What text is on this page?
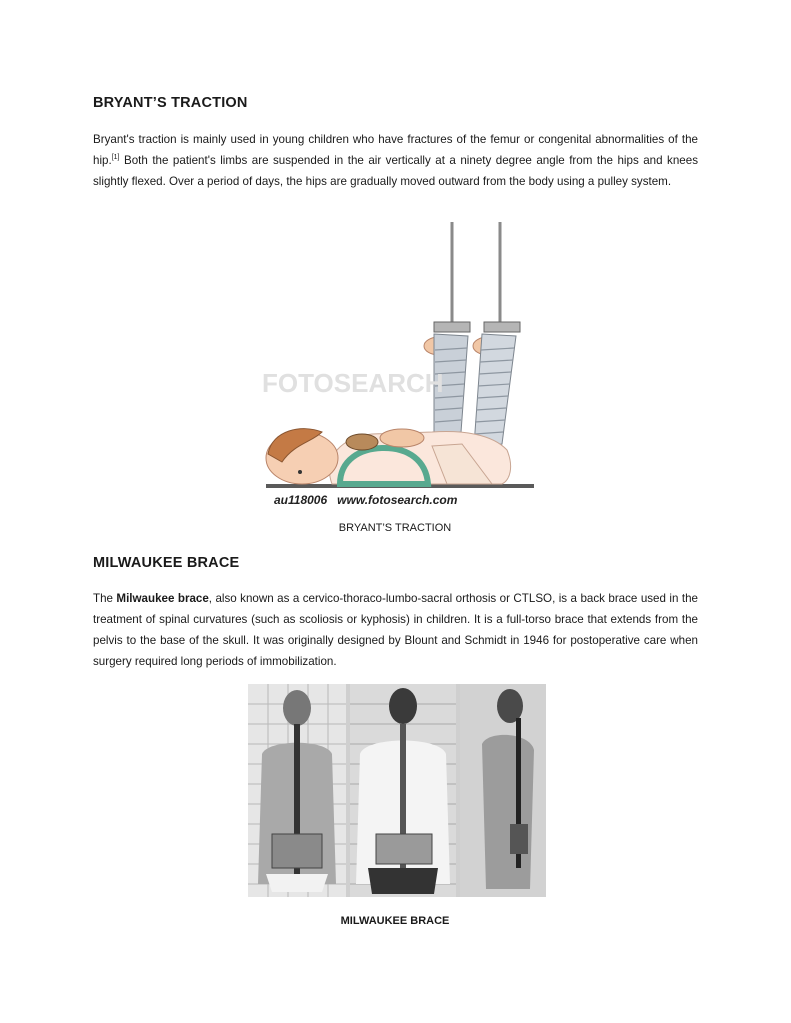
BRYANT’S TRACTION

Bryant's traction is mainly used in young children who have fractures of the femur or congenital abnormalities of the hip.[1] Both the patient's limbs are suspended in the air vertically at a ninety degree angle from the hips and knees slightly flexed. Over a period of days, the hips are gradually moved outward from the body using a pulley system.

FOTOSEARCH
au118006 www.fotosearch.com

BRYANT’S TRACTION

MILWAUKEE BRACE

The Milwaukee brace, also known as a cervico-thoraco-lumbo-sacral orthosis or CTLSO, is a back brace used in the treatment of spinal curvatures (such as scoliosis or kyphosis) in children. It is a full-torso brace that extends from the pelvis to the base of the skull. It was originally designed by Blount and Schmidt in 1946 for postoperative care when surgery required long periods of immobilization.

MILWAUKEE BRACE
